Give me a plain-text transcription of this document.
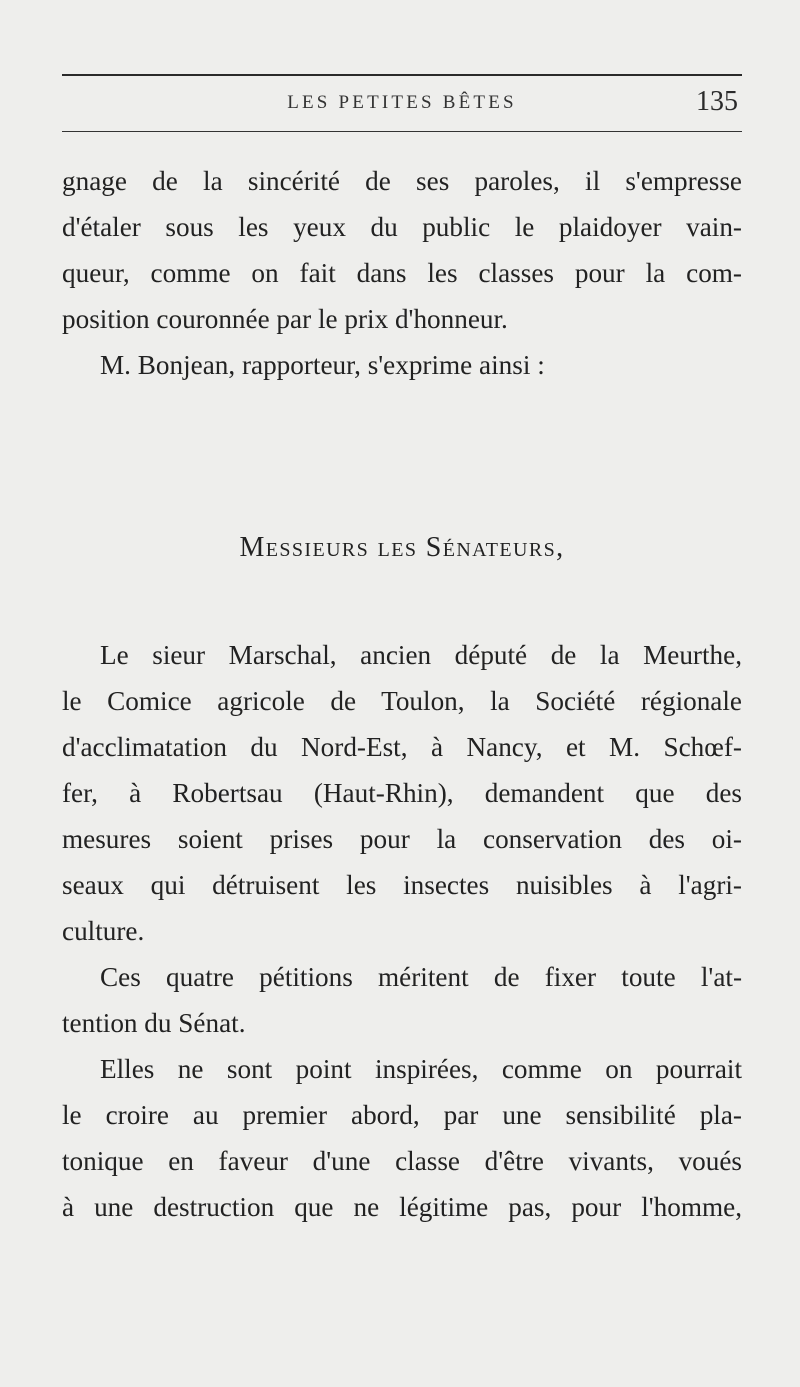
LES PETITES BÊTES	135
gnage de la sincérité de ses paroles, il s'empresse
d'étaler sous les yeux du public le plaidoyer vain-
queur, comme on fait dans les classes pour la com-
position couronnée par le prix d'honneur.
M. Bonjean, rapporteur, s'exprime ainsi :
Messieurs les Sénateurs,
Le sieur Marschal, ancien député de la Meurthe,
le Comice agricole de Toulon, la Société régionale
d'acclimatation du Nord-Est, à Nancy, et M. Schœf-
fer, à Robertsau (Haut-Rhin), demandent que des
mesures soient prises pour la conservation des oi-
seaux qui détruisent les insectes nuisibles à l'agri-
culture.
Ces quatre pétitions méritent de fixer toute l'at-
tention du Sénat.
Elles ne sont point inspirées, comme on pourrait
le croire au premier abord, par une sensibilité pla-
tonique en faveur d'une classe d'être vivants, voués
à une destruction que ne légitime pas, pour l'homme,
